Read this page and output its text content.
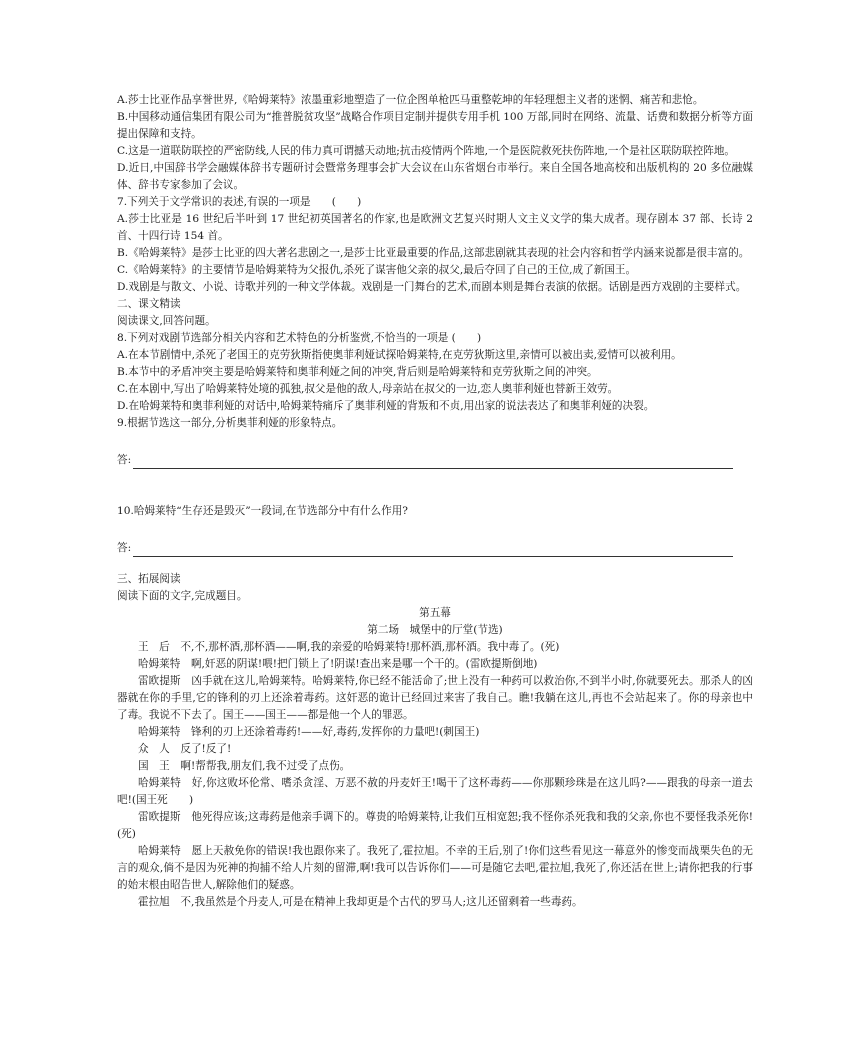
A.莎士比亚作品享誉世界,《哈姆莱特》浓墨重彩地塑造了一位企图单枪匹马重整乾坤的年轻理想主义者的迷惘、痛苦和悲怆。

B.中国移动通信集团有限公司为“推普脱贫攻坚”战略合作项目定制并提供专用手机 100 万部,同时在网络、流量、话费和数据分析等方面提出保障和支持。

C.这是一道联防联控的严密防线,人民的伟力真可谓撼天动地;抗击疫情两个阵地,一个是医院救死扶伤阵地,一个是社区联防联控阵地。

D.近日,中国辞书学会融媒体辞书专题研讨会暨常务理事会扩大会议在山东省烟台市举行。来自全国各地高校和出版机构的 20 多位融媒体、辞书专家参加了会议。

7.下列关于文学常识的表述,有误的一项是　　(　　)

A.莎士比亚是 16 世纪后半叶到 17 世纪初英国著名的作家,也是欧洲文艺复兴时期人文主义文学的集大成者。现存剧本 37 部、长诗 2 首、十四行诗 154 首。

B.《哈姆莱特》是莎士比亚的四大著名悲剧之一,是莎士比亚最重要的作品,这部悲剧就其表现的社会内容和哲学内涵来说都是很丰富的。

C.《哈姆莱特》的主要情节是哈姆莱特为父报仇,杀死了谋害他父亲的叔父,最后夺回了自己的王位,成了新国王。

D.戏剧是与散文、小说、诗歌并列的一种文学体裁。戏剧是一门舞台的艺术,而剧本则是舞台表演的依据。话剧是西方戏剧的主要样式。

二、课文精读

阅读课文,回答问题。

8.下列对戏剧节选部分相关内容和艺术特色的分析鉴赏,不恰当的一项是 (　　)

A.在本节剧情中,杀死了老国王的克劳狄斯指使奥菲利娅试探哈姆莱特,在克劳狄斯这里,亲情可以被出卖,爱情可以被利用。

B.本节中的矛盾冲突主要是哈姆莱特和奥菲利娅之间的冲突,背后则是哈姆莱特和克劳狄斯之间的冲突。

C.在本剧中,写出了哈姆莱特处境的孤独,叔父是他的敌人,母亲站在叔父的一边,恋人奥菲利娅也替新王效劳。

D.在哈姆莱特和奥菲利娅的对话中,哈姆莱特痛斥了奥菲利娅的背叛和不贞,用出家的说法表达了和奥菲利娅的决裂。

9.根据节选这一部分,分析奥菲利娅的形象特点。

答:

10.哈姆莱特“生存还是毁灭”一段词,在节选部分中有什么作用?

答:

三、拓展阅读

阅读下面的文字,完成题目。

第五幕

第二场　城堡中的厅堂(节选)

王　后　不,不,那杯酒,那杯酒——啊,我的亲爱的哈姆莱特!那杯酒,那杯酒。我中毒了。(死)

哈姆莱特　啊,奸恶的阴谋!喂!把门锁上了!阴谋!查出来是哪一个干的。(雷欧提斯倒地)

雷欧提斯　凶手就在这儿,哈姆莱特。哈姆莱特,你已经不能活命了;世上没有一种药可以救治你,不到半小时,你就要死去。那杀人的凶器就在你的手里,它的锋利的刃上还涂着毒药。这奸恶的诡计已经回过来害了我自己。瞧!我躺在这儿,再也不会站起来了。你的母亲也中了毒。我说不下去了。国王——国王——都是他一个人的罪恶。

哈姆莱特　锋利的刃上还涂着毒药!——好,毒药,发挥你的力量吧!(刺国王)

众　人　反了!反了!

国　王　啊!帮帮我,朋友们,我不过受了点伤。

哈姆莱特　好,你这败坏伦常、嗜杀贪淫、万恶不赦的丹麦奸王!喝干了这杯毒药——你那颗珍珠是在这儿吗?——跟我的母亲一道去吧!(国王死　　)

雷欧提斯　他死得应该;这毒药是他亲手调下的。尊贵的哈姆莱特,让我们互相宽恕;我不怪你杀死我和我的父亲,你也不要怪我杀死你!(死)

哈姆莱特　愿上天赦免你的错误!我也跟你来了。我死了,霍拉旭。不幸的王后,别了!你们这些看见这一幕意外的惨变而战栗失色的无言的观众,倘不是因为死神的拘捕不给人片刻的留滞,啊!我可以告诉你们——可是随它去吧,霍拉旭,我死了,你还活在世上;请你把我的行事的始末根由昭告世人,解除他们的疑惑。

霍拉旭　不,我虽然是个丹麦人,可是在精神上我却更是个古代的罗马人;这儿还留剩着一些毒药。
